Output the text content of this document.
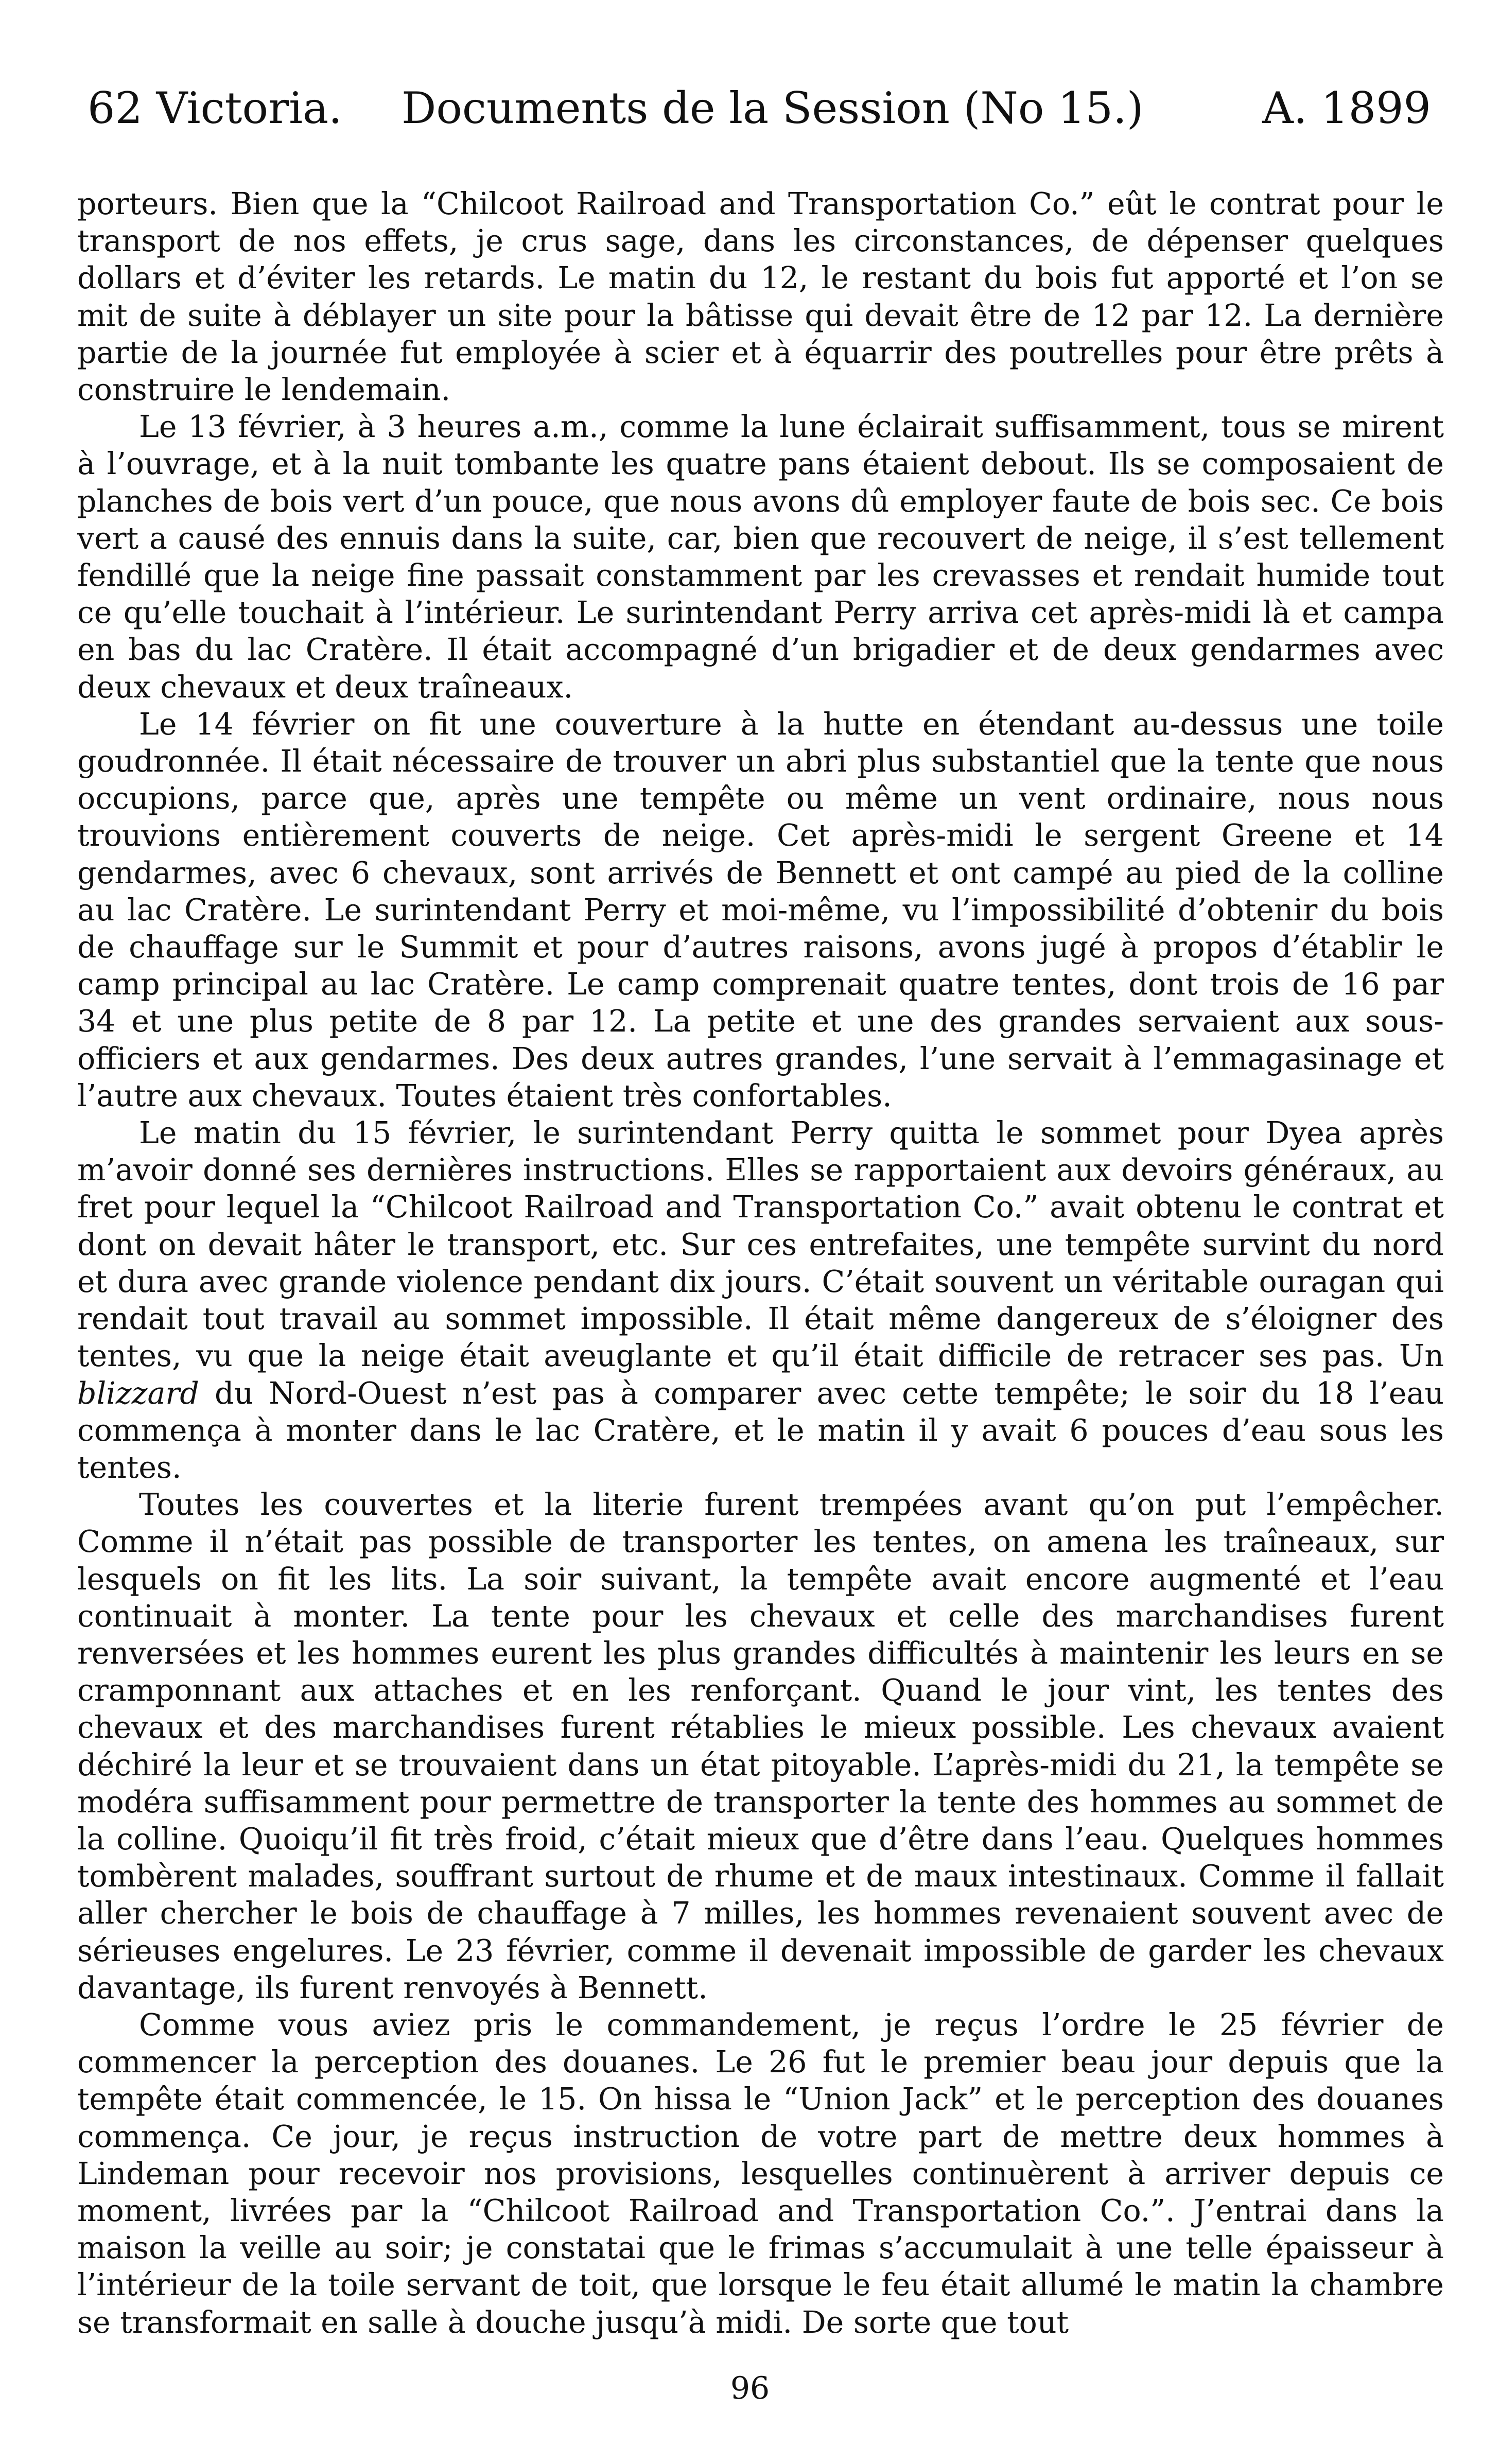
62 Victoria. Documents de la Session (No 15.)	A. 1899

porteurs. Bien que la “Chilcoot Railroad and Transportation Co.” eût le contrat pour le transport de nos effets, je crus sage, dans les circonstances, de dépenser quelques dollars et d’éviter les retards. Le matin du 12, le restant du bois fut apporté et l’on se mit de suite à déblayer un site pour la bâtisse qui devait être de 12 par 12. La dernière partie de la journée fut employée à scier et à équarrir des poutrelles pour être prêts à construire le lendemain.

Le 13 février, à 3 heures a.m., comme la lune éclairait suffisamment, tous se mirent à l’ouvrage, et à la nuit tombante les quatre pans étaient debout. Ils se composaient de planches de bois vert d’un pouce, que nous avons dû employer faute de bois sec. Ce bois vert a causé des ennuis dans la suite, car, bien que recouvert de neige, il s’est tellement fendillé que la neige fine passait constamment par les crevasses et rendait humide tout ce qu’elle touchait à l’intérieur. Le surintendant Perry arriva cet après-midi là et campa en bas du lac Cratère. Il était accompagné d’un brigadier et de deux gendarmes avec deux chevaux et deux traîneaux.

Le 14 février on fit une couverture à la hutte en étendant au-dessus une toile goudronnée. Il était nécessaire de trouver un abri plus substantiel que la tente que nous occupions, parce que, après une tempête ou même un vent ordinaire, nous nous trouvions entièrement couverts de neige. Cet après-midi le sergent Greene et 14 gendarmes, avec 6 chevaux, sont arrivés de Bennett et ont campé au pied de la colline au lac Cratère. Le surintendant Perry et moi-même, vu l’impossibilité d’obtenir du bois de chauffage sur le Summit et pour d’autres raisons, avons jugé à propos d’établir le camp principal au lac Cratère. Le camp comprenait quatre tentes, dont trois de 16 par 34 et une plus petite de 8 par 12. La petite et une des grandes servaient aux sous-officiers et aux gendarmes. Des deux autres grandes, l’une servait à l’emmagasinage et l’autre aux chevaux. Toutes étaient très confortables.

Le matin du 15 février, le surintendant Perry quitta le sommet pour Dyea après m’avoir donné ses dernières instructions. Elles se rapportaient aux devoirs généraux, au fret pour lequel la “Chilcoot Railroad and Transportation Co.” avait obtenu le contrat et dont on devait hâter le transport, etc. Sur ces entrefaites, une tempête survint du nord et dura avec grande violence pendant dix jours. C’était souvent un véritable ouragan qui rendait tout travail au sommet impossible. Il était même dangereux de s’éloigner des tentes, vu que la neige était aveuglante et qu’il était difficile de retracer ses pas. Un blizzard du Nord-Ouest n’est pas à comparer avec cette tempête; le soir du 18 l’eau commença à monter dans le lac Cratère, et le matin il y avait 6 pouces d’eau sous les tentes.

Toutes les couvertes et la literie furent trempées avant qu’on put l’empêcher. Comme il n’était pas possible de transporter les tentes, on amena les traîneaux, sur lesquels on fit les lits. La soir suivant, la tempête avait encore augmenté et l’eau continuait à monter. La tente pour les chevaux et celle des marchandises furent renversées et les hommes eurent les plus grandes difficultés à maintenir les leurs en se cramponnant aux attaches et en les renforçant. Quand le jour vint, les tentes des chevaux et des marchandises furent rétablies le mieux possible. Les chevaux avaient déchiré la leur et se trouvaient dans un état pitoyable. L’après-midi du 21, la tempête se modéra suffisamment pour permettre de transporter la tente des hommes au sommet de la colline. Quoiqu’il fit très froid, c’était mieux que d’être dans l’eau. Quelques hommes tombèrent malades, souffrant surtout de rhume et de maux intestinaux. Comme il fallait aller chercher le bois de chauffage à 7 milles, les hommes revenaient souvent avec de sérieuses engelures. Le 23 février, comme il devenait impossible de garder les chevaux davantage, ils furent renvoyés à Bennett.

Comme vous aviez pris le commandement, je reçus l’ordre le 25 février de commencer la perception des douanes. Le 26 fut le premier beau jour depuis que la tempête était commencée, le 15. On hissa le “Union Jack” et le perception des douanes commença. Ce jour, je reçus instruction de votre part de mettre deux hommes à Lindeman pour recevoir nos provisions, lesquelles continuèrent à arriver depuis ce moment, livrées par la “Chilcoot Railroad and Transportation Co.”. J’entrai dans la maison la veille au soir; je constatai que le frimas s’accumulait à une telle épaisseur à l’intérieur de la toile servant de toit, que lorsque le feu était allumé le matin la chambre se transformait en salle à douche jusqu’à midi. De sorte que tout

96
